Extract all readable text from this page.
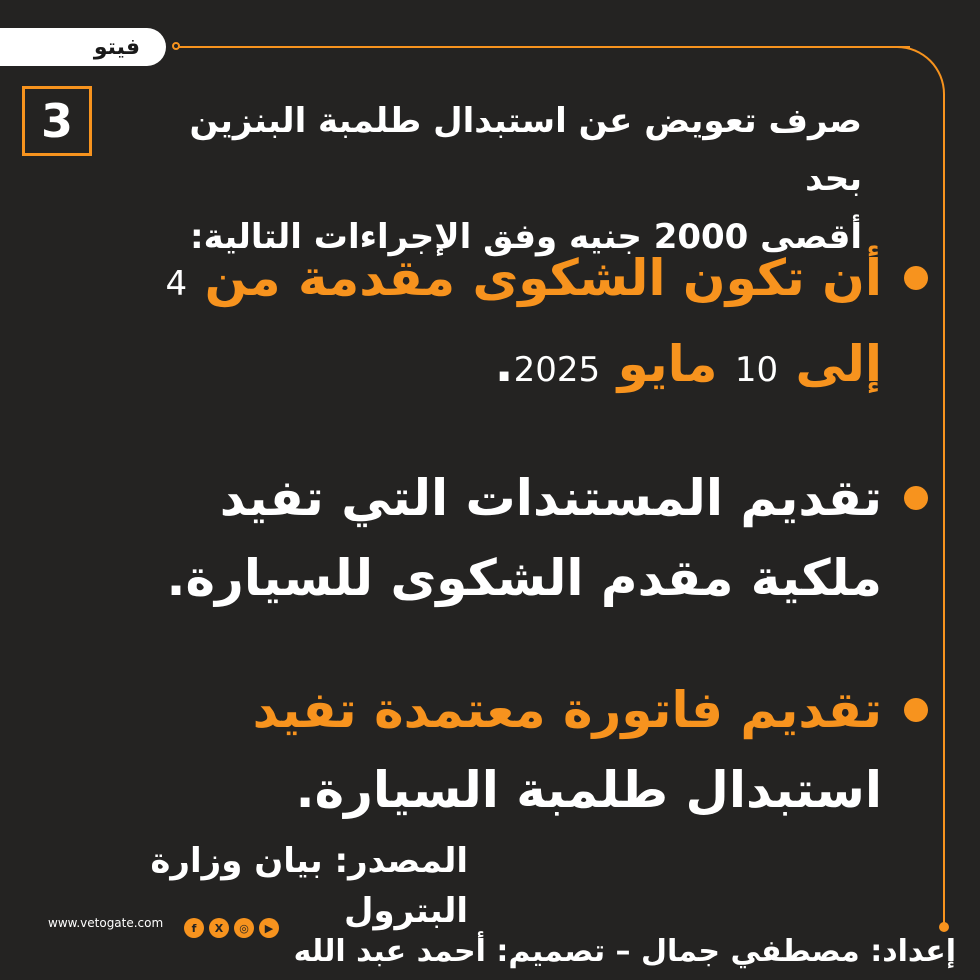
فيتو
3	صرف تعويض عن استبدال طلمبة البنزين بحد
أقصى 2000 جنيه وفق الإجراءات التالية:
أن تكون الشكوى مقدمة من 4
إلى 10 مايو 2025.
تقديم المستندات التي تفيد
ملكية مقدم الشكوى للسيارة.
تقديم فاتورة معتمدة تفيد
استبدال طلمبة السيارة.
المصدر: بيان وزارة البترول
www.vetogate.com	f	X	◎	▶
إعداد: مصطفي جمال – تصميم: أحمد عبد الله
